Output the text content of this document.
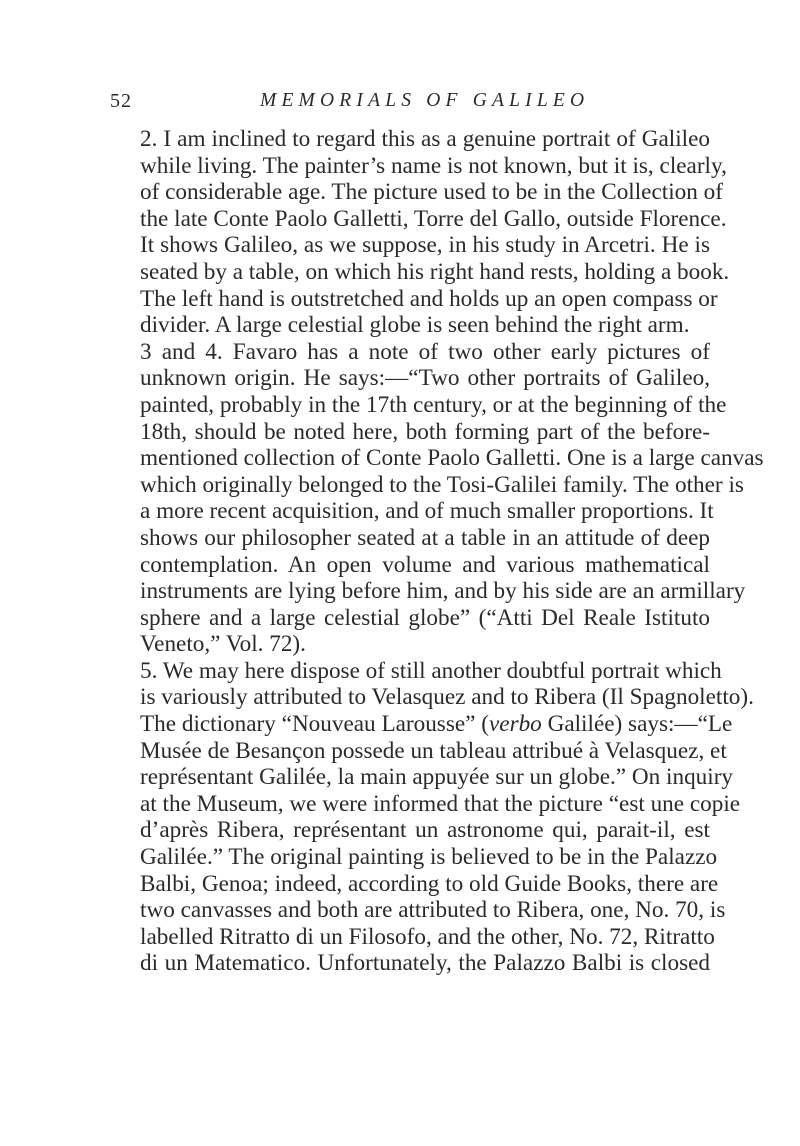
52	MEMORIALS OF GALILEO

2. I am inclined to regard this as a genuine portrait of Galileo
while living. The painter’s name is not known, but it is, clearly,
of considerable age. The picture used to be in the Collection of
the late Conte Paolo Galletti, Torre del Gallo, outside Florence.
It shows Galileo, as we suppose, in his study in Arcetri. He is
seated by a table, on which his right hand rests, holding a book.
The left hand is outstretched and holds up an open compass or
divider. A large celestial globe is seen behind the right arm.

3 and 4. Favaro has a note of two other early pictures of
unknown origin. He says:—“Two other portraits of Galileo,
painted, probably in the 17th century, or at the beginning of the
18th, should be noted here, both forming part of the before-
mentioned collection of Conte Paolo Galletti. One is a large canvas
which originally belonged to the Tosi-Galilei family. The other is
a more recent acquisition, and of much smaller proportions. It
shows our philosopher seated at a table in an attitude of deep
contemplation. An open volume and various mathematical
instruments are lying before him, and by his side are an armillary
sphere and a large celestial globe” (“Atti Del Reale Istituto
Veneto,” Vol. 72).

5. We may here dispose of still another doubtful portrait which
is variously attributed to Velasquez and to Ribera (Il Spagnoletto).
The dictionary “Nouveau Larousse” (verbo Galilée) says:—“Le
Musée de Besançon possede un tableau attribué à Velasquez, et
représentant Galilée, la main appuyée sur un globe.” On inquiry
at the Museum, we were informed that the picture “est une copie
d’après Ribera, représentant un astronome qui, parait-il, est
Galilée.” The original painting is believed to be in the Palazzo
Balbi, Genoa; indeed, according to old Guide Books, there are
two canvasses and both are attributed to Ribera, one, No. 70, is
labelled Ritratto di un Filosofo, and the other, No. 72, Ritratto
di un Matematico. Unfortunately, the Palazzo Balbi is closed
